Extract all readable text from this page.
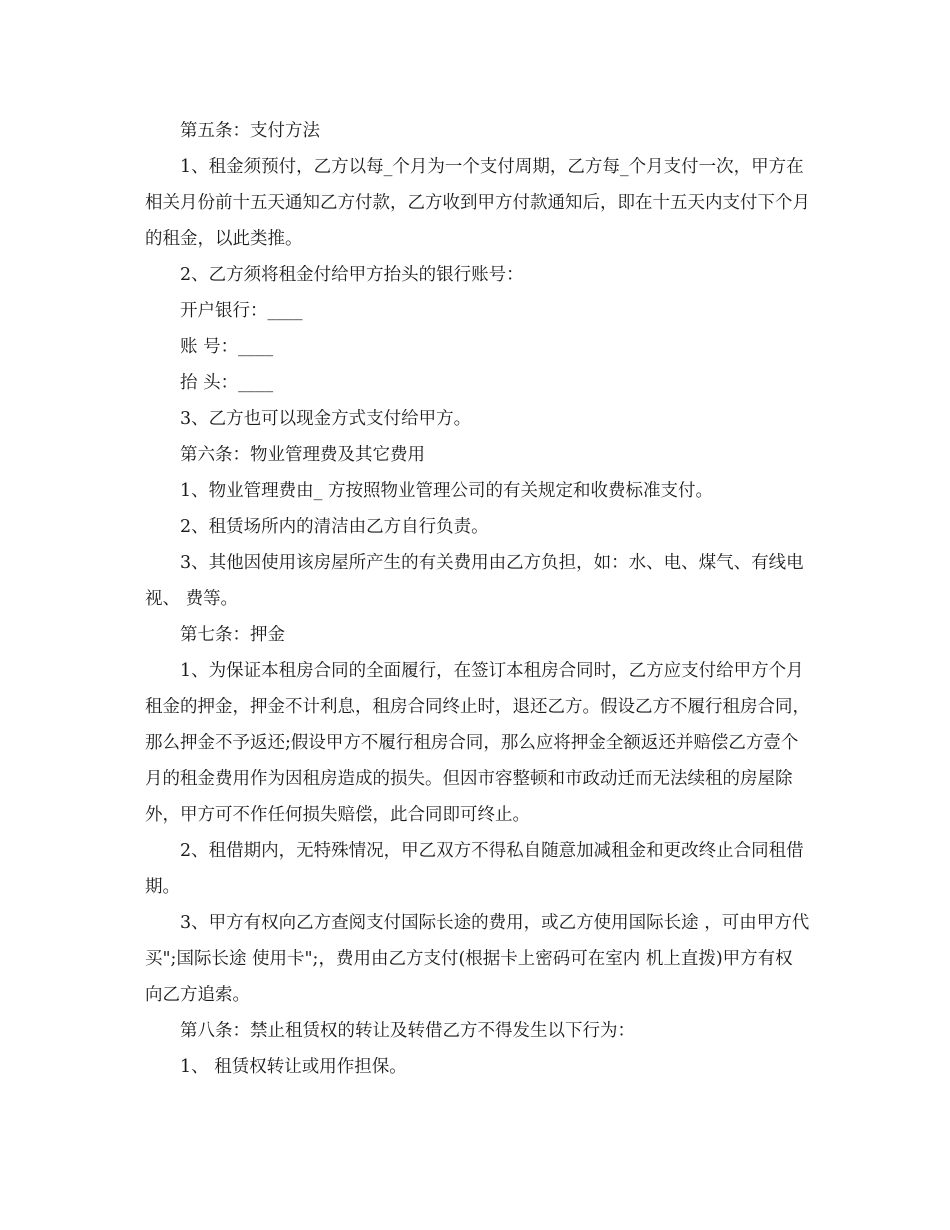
第五条：支付方法

1、租金须预付，乙方以每_个月为一个支付周期，乙方每_个月支付一次，甲方在相关月份前十五天通知乙方付款，乙方收到甲方付款通知后，即在十五天内支付下个月的租金，以此类推。

2、乙方须将租金付给甲方抬头的银行账号：

开户银行：____

账 号：____

抬 头：____

3、乙方也可以现金方式支付给甲方。

第六条：物业管理费及其它费用

1、物业管理费由_ 方按照物业管理公司的有关规定和收费标准支付。

2、租赁场所内的清洁由乙方自行负责。

3、其他因使用该房屋所产生的有关费用由乙方负担，如：水、电、煤气、有线电视、 费等。

第七条：押金

1、为保证本租房合同的全面履行，在签订本租房合同时，乙方应支付给甲方个月租金的押金，押金不计利息，租房合同终止时，退还乙方。假设乙方不履行租房合同，那么押金不予返还;假设甲方不履行租房合同，那么应将押金全额返还并赔偿乙方壹个月的租金费用作为因租房造成的损失。但因市容整顿和市政动迁而无法续租的房屋除外，甲方可不作任何损失赔偿，此合同即可终止。

2、租借期内，无特殊情况，甲乙双方不得私自随意加减租金和更改终止合同租借期。

3、甲方有权向乙方查阅支付国际长途的费用，或乙方使用国际长途 ，可由甲方代买";国际长途 使用卡";，费用由乙方支付(根据卡上密码可在室内 机上直拨)甲方有权向乙方追索。

第八条：禁止租赁权的转让及转借乙方不得发生以下行为：

1、 租赁权转让或用作担保。
